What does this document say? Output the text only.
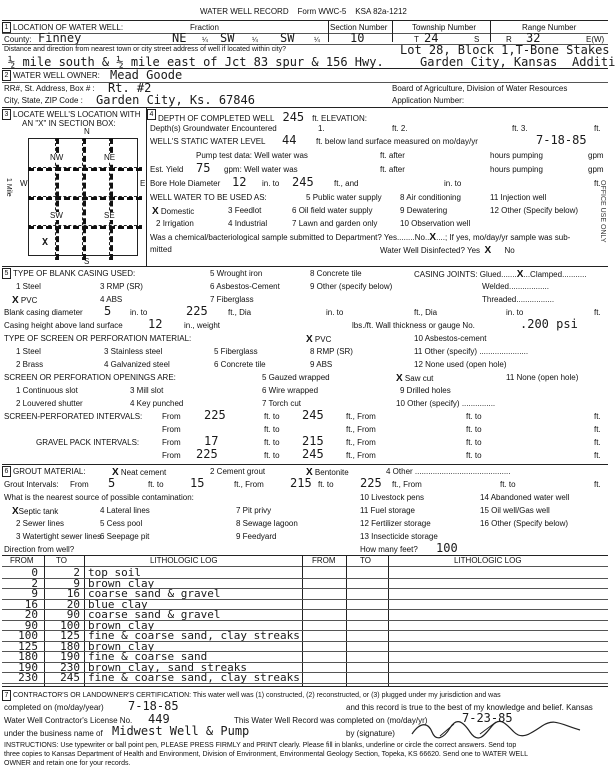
WATER WELL RECORD Form WWC-5 KSA 82a-1212
1 LOCATION OF WATER WELL:	Fraction	Section Number	Township Number	Range Number
County: Finney	NE ¼ SW	¼ SW	¼	10	T 24	S	R 32	E(W)
Distance and direction from nearest town or city street address of well if located within city?	Lot 28, Block 1,T-Bone Stakes
½ mile south & ½ mile east of Jct 83 spur & 156 Hwy.	Garden City, Kansas Additi
2 WATER WELL OWNER: Mead Goode
RR#, St. Address, Box # : Rt. #2	Board of Agriculture, Division of Water Resources
City, State, ZIP Code : Garden City, Ks. 67846	Application Number:
3 LOCATE WELL'S LOCATION WITH
AN "X" IN SECTION BOX:
N
S
W	E
NW	NE
SW	SE
X
1 Mile
4 DEPTH OF COMPLETED WELL 245 ft. ELEVATION:
Depth(s) Groundwater Encountered	1.	ft. 2.	ft. 3.	ft.
WELL'S STATIC WATER LEVEL 44 ft. below land surface measured on mo/day/yr	7-18-85
Pump test data: Well water was	ft. after	hours pumping	gpm
Est. Yield 75 gpm: Well water was	ft. after	hours pumping	gpm
Bore Hole Diameter 12 in. to 245	ft., and	in. to	ft.
WELL WATER TO BE USED AS:	5 Public water supply 8 Air conditioning	11 Injection well
X Domestic	3 Feedlot	6 Oil field water supply	9 Dewatering	12 Other (Specify below)
2 Irrigation	4 Industrial	7 Lawn and garden only	10 Observation well
Was a chemical/bacteriological sample submitted to Department? Yes........No..X....; If yes, mo/day/yr sample was sub-
mitted	Water Well Disinfected? Yes X No
5 TYPE OF BLANK CASING USED:	5 Wrought iron	8 Concrete tile	CASING JOINTS: Glued.......X...Clamped...........
1 Steel	3 RMP (SR)	6 Asbestos-Cement	9 Other (specify below)	Welded..................
X PVC	4 ABS	7 Fiberglass	Threaded.................
Blank casing diameter 5 in. to	225	ft., Dia	in. to	ft., Dia	in. to	ft.
Casing height above land surface 12	in., weight	lbs./ft. Wall thickness or gauge No.	.200 psi
TYPE OF SCREEN OR PERFORATION MATERIAL:	X PVC	10 Asbestos-cement
1 Steel	3 Stainless steel	5 Fiberglass	8 RMP (SR)	11 Other (specify) ......................
2 Brass	4 Galvanized steel	6 Concrete tile	9 ABS	12 None used (open hole)
SCREEN OR PERFORATION OPENINGS ARE:	5 Gauzed wrapped	X Saw cut	11 None (open hole)
1 Continuous slot	3 Mill slot	6 Wire wrapped	9 Drilled holes
2 Louvered shutter	4 Key punched	7 Torch cut	10 Other (specify) ...............
SCREEN-PERFORATED INTERVALS: From 225	ft. to 245	ft., From	ft. to	ft.
From	ft. to	ft., From	ft. to	ft.
GRAVEL PACK INTERVALS:	From 17	ft. to 215	ft., From	ft. to	ft.
From 225	ft. to 245	ft., From	ft. to	ft.
6 GROUT MATERIAL:	X Neat cement	2 Cement grout	X Bentonite	4 Other ...........................................
Grout Intervals: From 5	ft. to 15	ft., From 215 ft. to 225 ft., From	ft. to	ft.
What is the nearest source of possible contamination:	10 Livestock pens	14 Abandoned water well
XSeptic tank	4 Lateral lines	7 Pit privy	11 Fuel storage	15 Oil well/Gas well
2 Sewer lines	5 Cess pool	8 Sewage lagoon	12 Fertilizer storage	16 Other (Specify below)
3 Watertight sewer lines
6 Seepage pit	9 Feedyard	13 Insecticide storage
Direction from well?	How many feet? 100
FROM	TO	LITHOLOGIC LOG	FROM	TO	LITHOLOGIC LOG
0	2 top soil
2	9 brown clay
9	16 coarse sand & gravel
16	20 blue clay
20	90 coarse sand & gravel
90	100 brown clay
100	125 fine & coarse sand, clay streaks
125	180 brown clay
180	190 fine & coarse sand
190	230 brown clay, sand streaks
230	245 fine & coarse sand, clay streaks
7 CONTRACTOR'S OR LANDOWNER'S CERTIFICATION: This water well was (1) constructed, (2) reconstructed, or (3) plugged under my jurisdiction and was
completed on (mo/day/year) 7-18-85	and this record is true to the best of my knowledge and belief. Kansas
Water Well Contractor's License No. 449	This Water Well Record was completed on (mo/day/yr)	7-23-85
under the business name of Midwest Well & Pump	by (signature)
INSTRUCTIONS: Use typewriter or ball point pen, PLEASE PRESS FIRMLY and PRINT clearly. Please fill in blanks, underline or circle the correct answers. Send top
three copies to Kansas Department of Health and Environment, Division of Environment, Environmental Geology Section, Topeka, KS 66620. Send one to WATER WELL
OWNER and retain one for your records.
OFFICE USE ONLY
